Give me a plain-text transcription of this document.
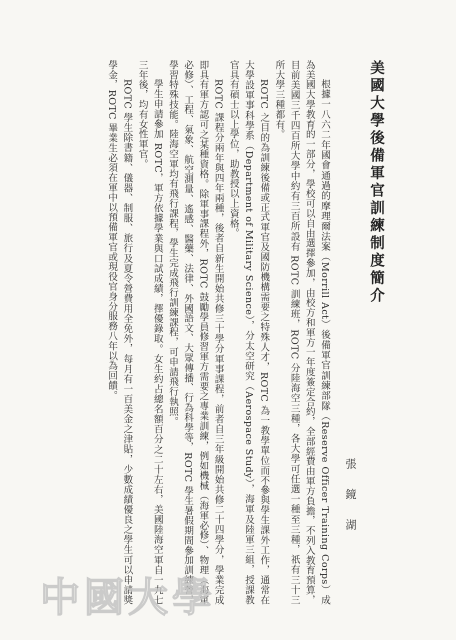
美國大學後備軍官訓練制度簡介
張 鏡 湖

根據一八六二年國會通過的摩理爾法案（Morrill Act）後備軍官訓練部隊（Reserve Officer Training Corps）成為美國大學教育的一部分，學校可以自由選擇參加，由校方和軍方一年度簽定合約，全部經費由軍方負擔，不列入教育預算，目前美國三千四百所大學中約有三百所設有 ROTC 訓練班，ROTC 分陸海空三種，各大學可任選一種至三種，祇有三十三所大學三種都有。

ROTC 之目的為訓練後備或正式軍官及國防機構需要之特殊人才，ROTC 為一教學單位而不參與學生課外工作，通常在大學設軍事科學系（Department of Military Science），分太空研究（Aerospace Study），海軍及陸軍三組，授課教官具有碩士以上學位，助教授以上資格。

ROTC 課程分兩年與四年兩種，後者自新生開始共修三十學分軍事課程，前者自三年級開始共修二十四學分，學業完成即具有軍方認可之某種資格。除軍事課程外，ROTC 鼓勵學員修習軍方需要之專業訓練，例如機械（海軍必修）、物理（海軍必修）、工程、氣象、航空測量、遙感、醫藥、法律、外國語文、大眾傳播、行為科學等，ROTC 學生暑假期間參加訓練營，學習特殊技能。陸海空軍均有飛行課程，學生完成飛行訓練課程，可申請飛行執照。

學生申請參加 ROTC，軍方依據學業與口試成績，擇優錄取。女生約占總名額百分之二十左右，美國陸海空軍自一九七三年後，均有女性軍官。

ROTC 學生除書籍、儀器、制服、旅行及夏令營費用全免外，每月有一百美金之津貼，少數成績優良之學生可以申請獎學金，ROTC 畢業生必須在軍中以預備軍官或現役官身分服務八年以為回饋。

中國大學
